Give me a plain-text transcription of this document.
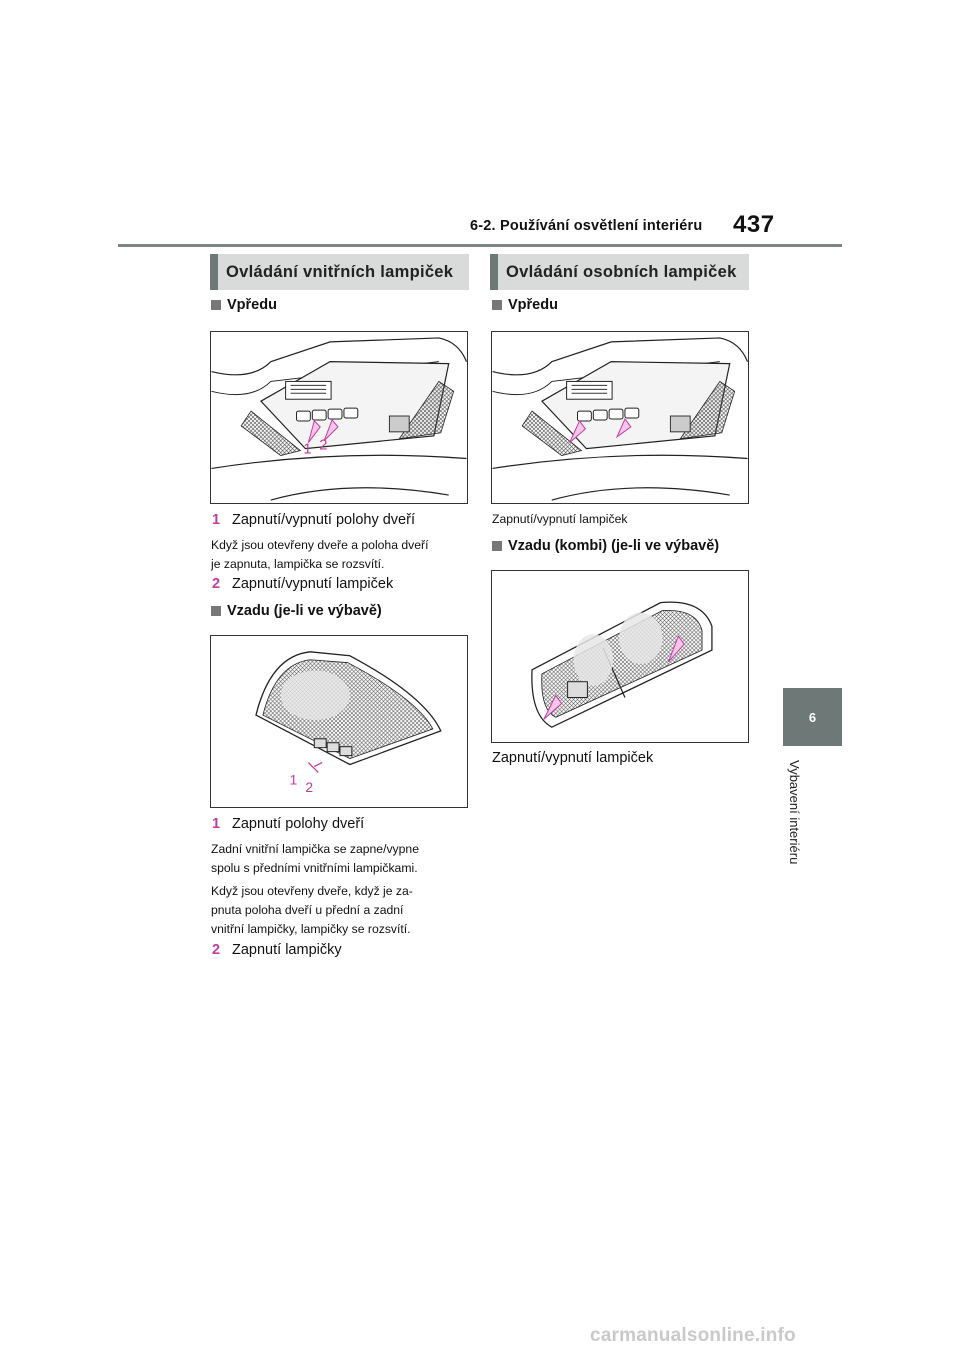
6-2. Používání osvětlení interiéru 437
Ovládání vnitřních lampiček
Vpředu
1 2
1 Zapnutí/vypnutí polohy dveří
Když jsou otevřeny dveře a poloha dveří
je zapnuta, lampička se rozsvítí.
2 Zapnutí/vypnutí lampiček
Vzadu (je-li ve výbavě)
1 2
1 Zapnutí polohy dveří
Zadní vnitřní lampička se zapne/vypne
spolu s předními vnitřními lampičkami.
Když jsou otevřeny dveře, když je za-
pnuta poloha dveří u přední a zadní
vnitřní lampičky, lampičky se rozsvítí.
2 Zapnutí lampičky
Ovládání osobních lampiček
Vpředu
Zapnutí/vypnutí lampiček
Vzadu (kombi) (je-li ve výbavě)
Zapnutí/vypnutí lampiček
6
Vybavení interiéru
carmanualsonline.info
